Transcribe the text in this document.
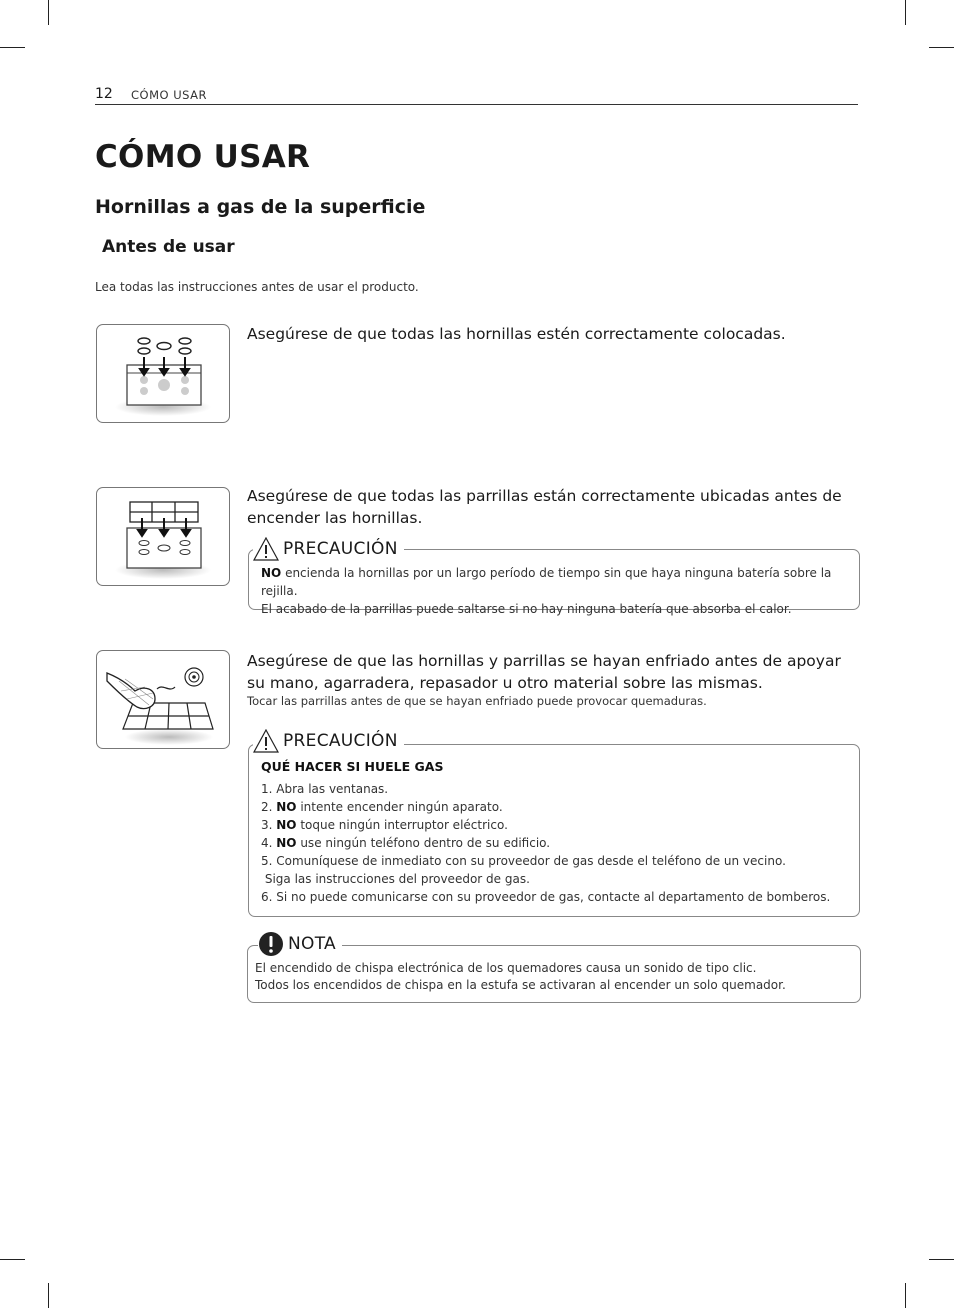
12 CÓMO USAR
CÓMO USAR
Hornillas a gas de la superficie
Antes de usar
Lea todas las instrucciones antes de usar el producto.
Asegúrese de que todas las hornillas estén correctamente colocadas.
Asegúrese de que todas las parrillas están correctamente ubicadas antes de encender las hornillas.
PRECAUCIÓN
NO encienda la hornillas por un largo período de tiempo sin que haya ninguna batería sobre la rejilla.
El acabado de la parrillas puede saltarse si no hay ninguna batería que absorba el calor.
Asegúrese de que las hornillas y parrillas se hayan enfriado antes de apoyar su mano, agarradera, repasador u otro material sobre las mismas.
Tocar las parrillas antes de que se hayan enfriado puede provocar quemaduras.
PRECAUCIÓN
QUÉ HACER SI HUELE GAS
1. Abra las ventanas.
2. NO intente encender ningún aparato.
3. NO toque ningún interruptor eléctrico.
4. NO use ningún teléfono dentro de su edificio.
5. Comuníquese de inmediato con su proveedor de gas desde el teléfono de un vecino.
Siga las instrucciones del proveedor de gas.
6. Si no puede comunicarse con su proveedor de gas, contacte al departamento de bomberos.
NOTA
El encendido de chispa electrónica de los quemadores causa un sonido de tipo clic.
Todos los encendidos de chispa en la estufa se activaran al encender un solo quemador.
